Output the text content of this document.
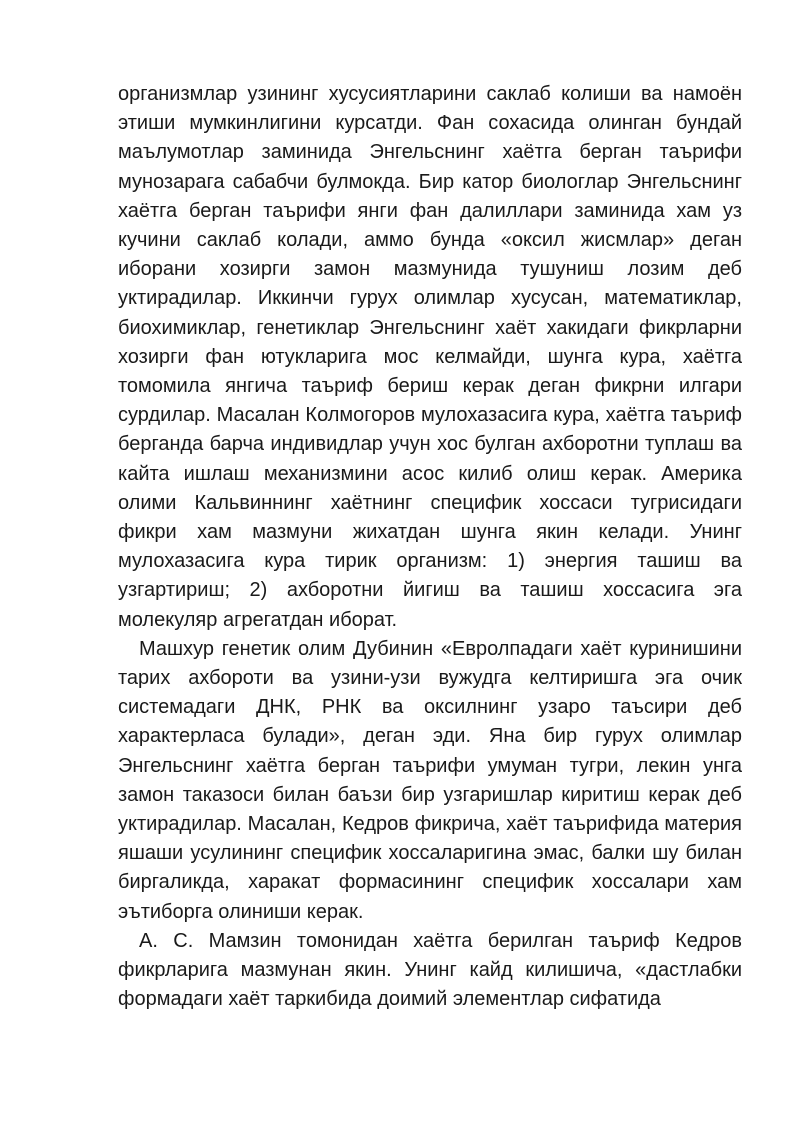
организмлар узининг хусусиятларини саклаб колиши ва намоён этиши мумкинлигини курсатди. Фан сохасида олинган бундай маълумотлар заминида Энгельснинг хаётга берган таърифи мунозарага сабабчи булмокда. Бир катор биологлар Энгельснинг хаётга берган таърифи янги фан далиллари заминида хам уз кучини саклаб колади, аммо бунда «оксил жисмлар» деган иборани хозирги замон мазмунида тушуниш лозим деб уктирадилар. Иккинчи гурух олимлар хусусан, математиклар, биохимиклар, генетиклар Энгельснинг хаёт хакидаги фикрларни хозирги фан ютукларига мос келмайди, шунга кура, хаётга томомила янгича таъриф бериш керак деган фикрни илгари сурдилар. Масалан Колмогоров мулохазасига кура, хаётга таъриф берганда барча индивидлар учун хос булган ахборотни туплаш ва кайта ишлаш механизмини асос килиб олиш керак. Америка олими Кальвиннинг хаётнинг специфик хоссаси тугрисидаги фикри хам мазмуни жихатдан шунга якин келади. Унинг мулохазасига кура тирик организм: 1) энергия ташиш ва узгартириш; 2) ахборотни йигиш ва ташиш хоссасига эга молекуляр агрегатдан иборат.

Машхур генетик олим Дубинин «Евролпадаги хаёт куринишини тарих ахбороти ва узини-узи вужудга келтиришга эга очик системадаги ДНК, РНК ва оксилнинг узаро таъсири деб характерласа булади», деган эди. Яна бир гурух олимлар Энгельснинг хаётга берган таърифи умуман тугри, лекин унга замон таказоси билан баъзи бир узгаришлар киритиш керак деб уктирадилар. Масалан, Кедров фикрича, хаёт таърифида материя яшаши усулининг специфик хоссаларигина эмас, балки шу билан биргаликда, харакат формасининг специфик хоссалари хам эътиборга олиниши керак.

А. С. Мамзин томонидан хаётга берилган таъриф Кедров фикрларига мазмунан якин. Унинг кайд килишича, «дастлабки формадаги хаёт таркибида доимий элементлар сифатида
